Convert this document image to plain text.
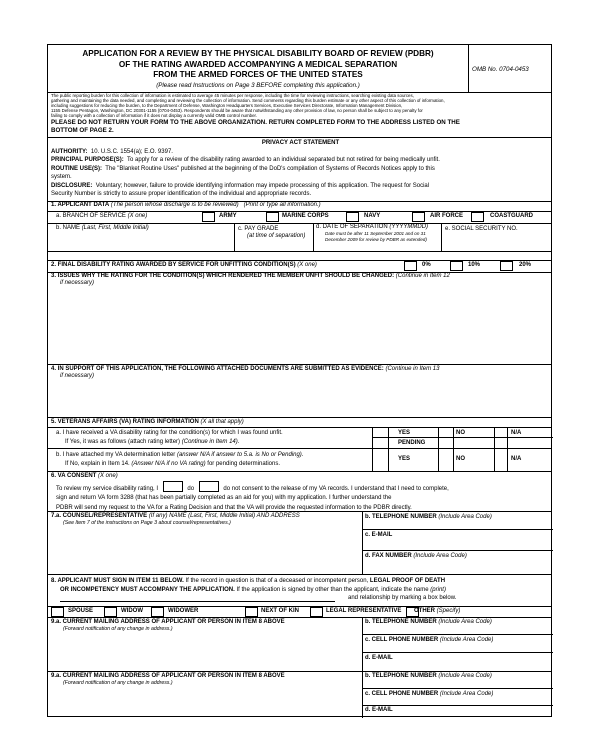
APPLICATION FOR A REVIEW BY THE PHYSICAL DISABILITY BOARD OF REVIEW (PDBR)
OF THE RATING AWARDED ACCOMPANYING A MEDICAL SEPARATION
FROM THE ARMED FORCES OF THE UNITED STATES
(Please read Instructions on Page 3 BEFORE completing this application.)
OMB No. 0704-0453
The public reporting burden for this collection of information is estimated to average 45 minutes per response, including the time for reviewing instructions, searching existing data sources,
gathering and maintaining the data needed, and completing and reviewing the collection of information. Send comments regarding this burden estimate or any other aspect of this collection of information,
including suggestions for reducing the burden, to the Department of Defense, Washington Headquarters Services, Executive Services Directorate, Information Management Division,
1155 Defense Pentagon, Washington, DC 20301-1155 (0704-0453). Respondents should be aware that notwithstanding any other provision of law, no person shall be subject to any penalty for
failing to comply with a collection of information if it does not display a currently valid OMB control number.
PLEASE DO NOT RETURN YOUR FORM TO THE ABOVE ORGANIZATION. RETURN COMPLETED FORM TO THE ADDRESS LISTED ON THE
BOTTOM OF PAGE 2.
PRIVACY ACT STATEMENT
AUTHORITY: 10. U.S.C. 1554(a); E.O. 9397.
PRINCIPAL PURPOSE(S): To apply for a review of the disability rating awarded to an individual separated but not retired for being medically unfit.
ROUTINE USE(S): The "Blanket Routine Uses" published at the beginning of the DoD's compilation of Systems of Records Notices apply to this
system.
DISCLOSURE: Voluntary; however, failure to provide identifying information may impede processing of this application. The request for Social
Security Number is strictly to assure proper identification of the individual and appropriate records.
1. APPLICANT DATA (The person whose discharge is to be reviewed) (Print or type all information.)
a. BRANCH OF SERVICE (X one)	ARMY	MARINE CORPS	NAVY	AIR FORCE	COASTGUARD
b. NAME (Last, First, Middle Initial)	c. PAY GRADE
(at time of separation)
d. DATE OF SEPARATION (YYYYMMDD)
Date must be after 11 September 2001 and on 31
December 2009 for review by PDBR as extended)
e. SOCIAL SECURITY NO.
2. FINAL DISABILITY RATING AWARDED BY SERVICE FOR UNFITTING CONDITION(S) (X one)	0%	10%	20%
3. ISSUES WHY THE RATING FOR THE CONDITION(S) WHICH RENDERED THE MEMBER UNFIT SHOULD BE CHANGED: (Continue in Item 12
if necessary)
4. IN SUPPORT OF THIS APPLICATION, THE FOLLOWING ATTACHED DOCUMENTS ARE SUBMITTED AS EVIDENCE: (Continue in Item 13
if necessary)
5. VETERANS AFFAIRS (VA) RATING INFORMATION (X all that apply)
a. I have received a VA disability rating for the condition(s) for which I was found unfit.
If Yes, it was as follows (attach rating letter) (Continue in Item 14).
YES	NO	N/A
PENDING
b. I have attached my VA determination letter (answer N/A if answer to 5.a. is No or Pending).
If No, explain in Item 14. (Answer N/A if no VA rating) for pending determinations.
YES	NO	N/A
6. VA CONSENT (X one)
To review my service disability rating, I	do	do not consent to the release of my VA records. I understand that I need to complete,
sign and return VA form 3288 (that has been partially completed as an aid for you) with my application. I further understand the
PDBR will send my request to the VA for a Rating Decision and that the VA will provide the requested information to the PDBR directly.
7.a. COUNSEL/REPRESENTATIVE (If any) NAME (Last, First, Middle Initial) AND ADDRESS
(See Item 7 of the instructions on Page 3 about counsel/representatives.)
b. TELEPHONE NUMBER (Include Area Code)
c. E-MAIL
d. FAX NUMBER (Include Area Code)
8. APPLICANT MUST SIGN IN ITEM 11 BELOW. If the record in question is that of a deceased or incompetent person, LEGAL PROOF OF DEATH
OR INCOMPETENCY MUST ACCOMPANY THE APPLICATION. If the application is signed by other than the applicant, indicate the name (print)
and relationship by marking a box below.
SPOUSE	WIDOW	WIDOWER	NEXT OF KIN	LEGAL REPRESENTATIVE OTHER (Specify)
9.a. CURRENT MAILING ADDRESS OF APPLICANT OR PERSON IN ITEM 8 ABOVE
(Forward notification of any change in address.)
b. TELEPHONE NUMBER (Include Area Code)
c. CELL PHONE NUMBER (Include Area Code)
d. E-MAIL
9.a. CURRENT MAILING ADDRESS OF APPLICANT OR PERSON IN ITEM 8 ABOVE
(Forward notification of any change in address.)
b. TELEPHONE NUMBER (Include Area Code)
c. CELL PHONE NUMBER (Include Area Code)
d. E-MAIL
